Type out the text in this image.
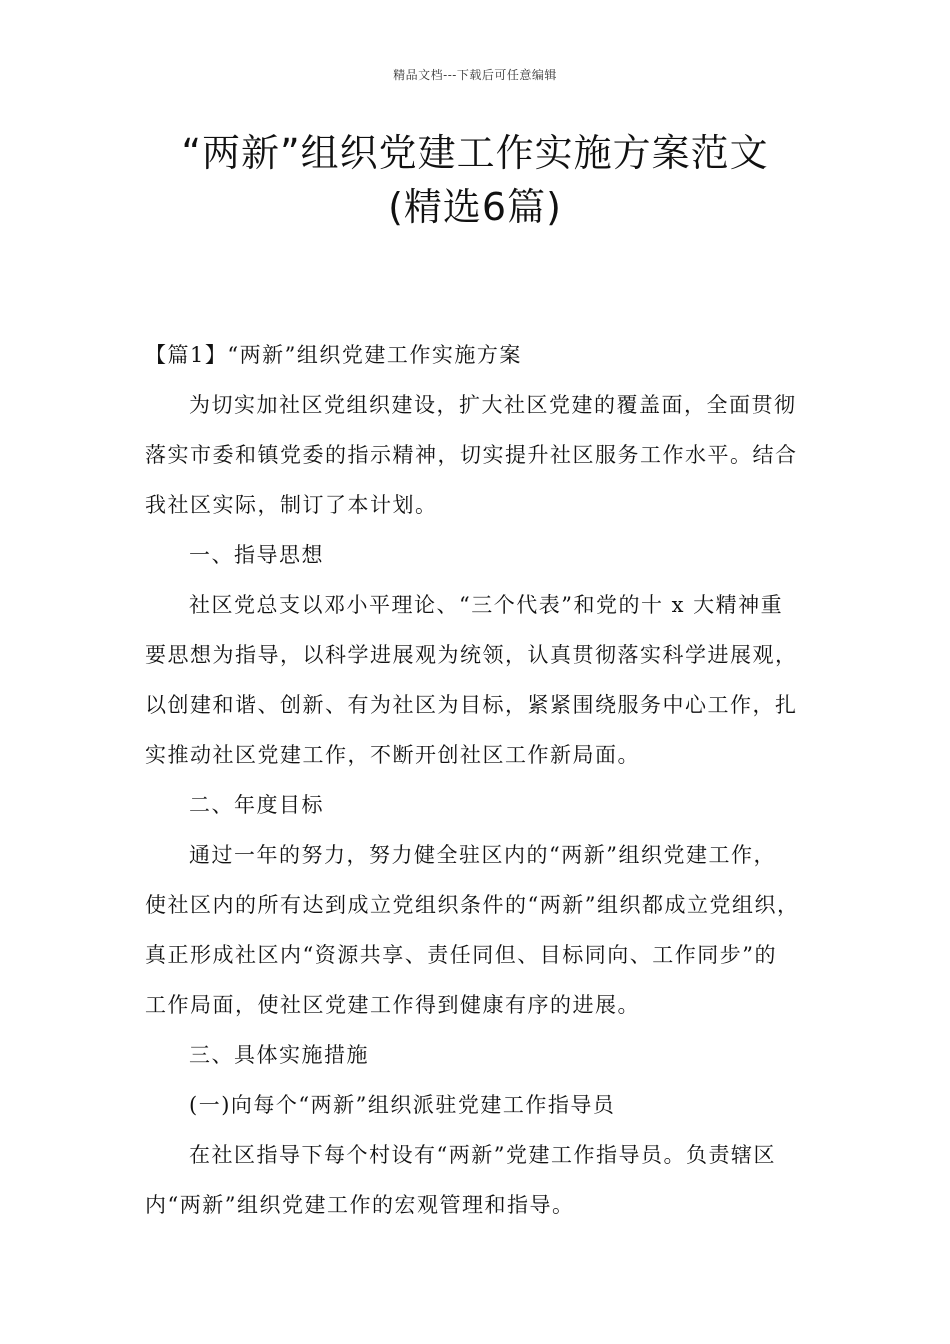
精品文档---下载后可任意编辑
“两新”组织党建工作实施方案范文
(精选6篇)

【篇1】“两新”组织党建工作实施方案

为切实加社区党组织建设，扩大社区党建的覆盖面，全面贯彻

落实市委和镇党委的指示精神，切实提升社区服务工作水平。结合

我社区实际，制订了本计划。

一、指导思想

社区党总支以邓小平理论、“三个代表”和党的十 x 大精神重

要思想为指导，以科学进展观为统领，认真贯彻落实科学进展观，

以创建和谐、创新、有为社区为目标，紧紧围绕服务中心工作，扎

实推动社区党建工作，不断开创社区工作新局面。

二、年度目标

通过一年的努力，努力健全驻区内的“两新”组织党建工作，

使社区内的所有达到成立党组织条件的“两新”组织都成立党组织，

真正形成社区内“资源共享、责任同但、目标同向、工作同步”的

工作局面，使社区党建工作得到健康有序的进展。

三、具体实施措施

(一)向每个“两新”组织派驻党建工作指导员

在社区指导下每个村设有“两新”党建工作指导员。负责辖区

内“两新”组织党建工作的宏观管理和指导。
